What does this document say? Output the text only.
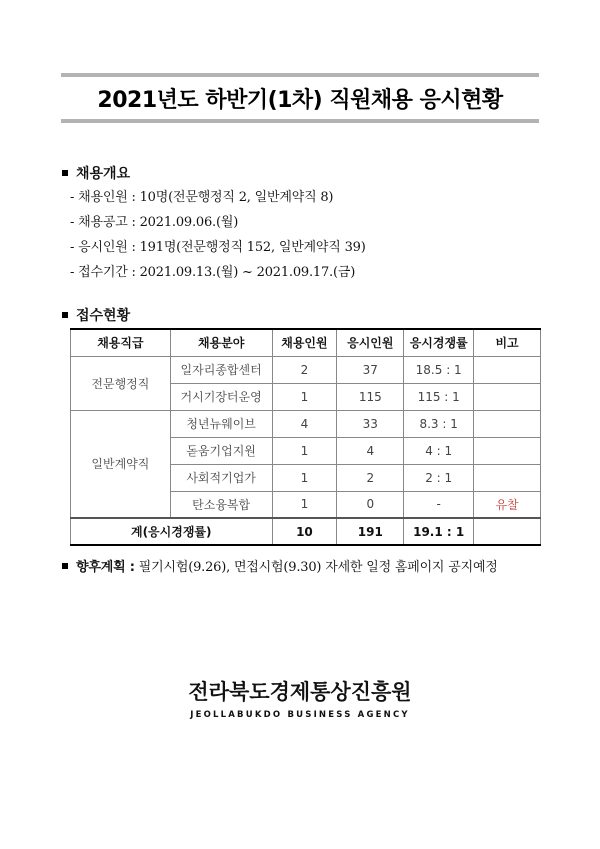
2021년도 하반기(1차) 직원채용 응시현황
채용개요
- 채용인원 : 10명(전문행정직 2, 일반계약직 8)
- 채용공고 : 2021.09.06.(월)
- 응시인원 : 191명(전문행정직 152, 일반계약직 39)
- 접수기간 : 2021.09.13.(월) ~ 2021.09.17.(금)
접수현황
채용직급	채용분야	채용인원	응시인원	응시경쟁률	비고
전문행정직	일자리종합센터	2	37	18.5 : 1	
	거시기장터운영	1	115	115 : 1	
일반계약직	청년뉴웨이브	4	33	8.3 : 1	
	돋움기업지원	1	4	4 : 1	
	사회적기업가	1	2	2 : 1	
	탄소융복합	1	0	-	유찰
계(응시경쟁률)		10	191	19.1 : 1	
향후계획 : 필기시험(9.26), 면접시험(9.30) 자세한 일정 홈페이지 공지예정
전라북도경제통상진흥원
JEOLLABUKDO BUSINESS AGENCY
